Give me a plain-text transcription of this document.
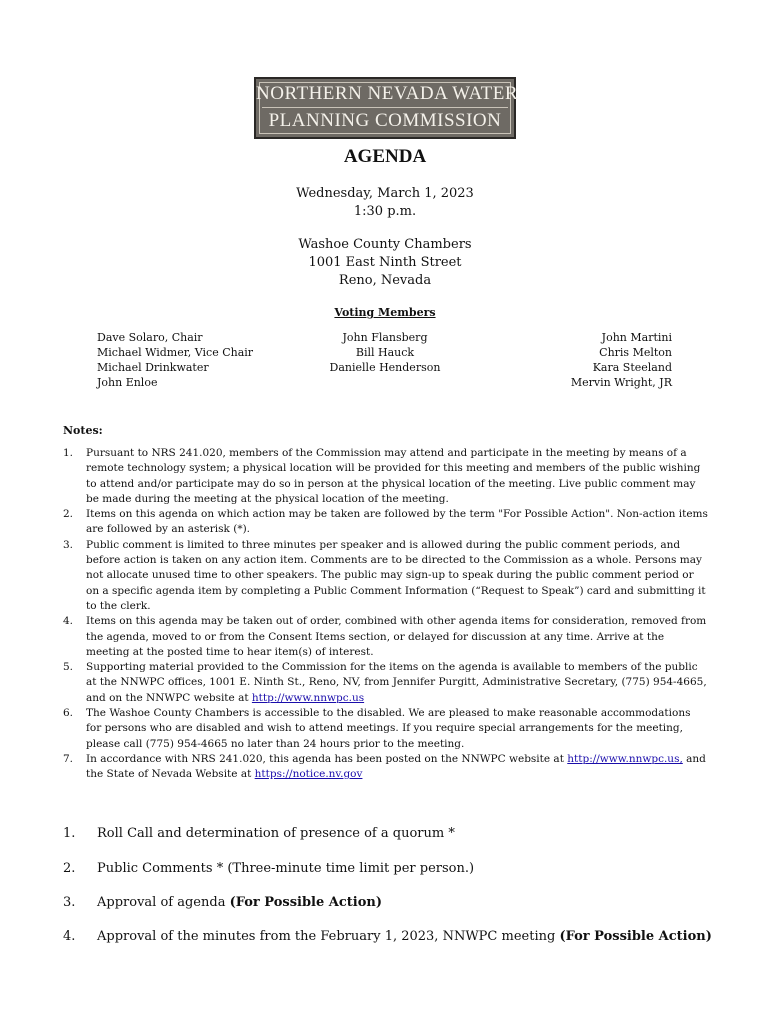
NORTHERN NEVADA WATER
PLANNING COMMISSION
AGENDA
Wednesday, March 1, 2023
1:30 p.m.
Washoe County Chambers
1001 East Ninth Street
Reno, Nevada
Voting Members
Dave Solaro, Chair
Michael Widmer, Vice Chair
Michael Drinkwater
John Enloe
John Flansberg
Bill Hauck
Danielle Henderson
John Martini
Chris Melton
Kara Steeland
Mervin Wright, JR
Notes:
1. Pursuant to NRS 241.020, members of the Commission may attend and participate in the meeting by means of a remote technology system; a physical location will be provided for this meeting and members of the public wishing to attend and/or participate may do so in person at the physical location of the meeting. Live public comment may be made during the meeting at the physical location of the meeting.
2. Items on this agenda on which action may be taken are followed by the term "For Possible Action". Non-action items are followed by an asterisk (*).
3. Public comment is limited to three minutes per speaker and is allowed during the public comment periods, and before action is taken on any action item. Comments are to be directed to the Commission as a whole. Persons may not allocate unused time to other speakers. The public may sign-up to speak during the public comment period or on a specific agenda item by completing a Public Comment Information (“Request to Speak”) card and submitting it to the clerk.
4. Items on this agenda may be taken out of order, combined with other agenda items for consideration, removed from the agenda, moved to or from the Consent Items section, or delayed for discussion at any time. Arrive at the meeting at the posted time to hear item(s) of interest.
5. Supporting material provided to the Commission for the items on the agenda is available to members of the public at the NNWPC offices, 1001 E. Ninth St., Reno, NV, from Jennifer Purgitt, Administrative Secretary, (775) 954-4665, and on the NNWPC website at http://www.nnwpc.us
6. The Washoe County Chambers is accessible to the disabled. We are pleased to make reasonable accommodations for persons who are disabled and wish to attend meetings. If you require special arrangements for the meeting, please call (775) 954-4665 no later than 24 hours prior to the meeting.
7. In accordance with NRS 241.020, this agenda has been posted on the NNWPC website at http://www.nnwpc.us, and the State of Nevada Website at https://notice.nv.gov
1. Roll Call and determination of presence of a quorum *
2. Public Comments * (Three-minute time limit per person.)
3. Approval of agenda (For Possible Action)
4. Approval of the minutes from the February 1, 2023, NNWPC meeting (For Possible Action)
